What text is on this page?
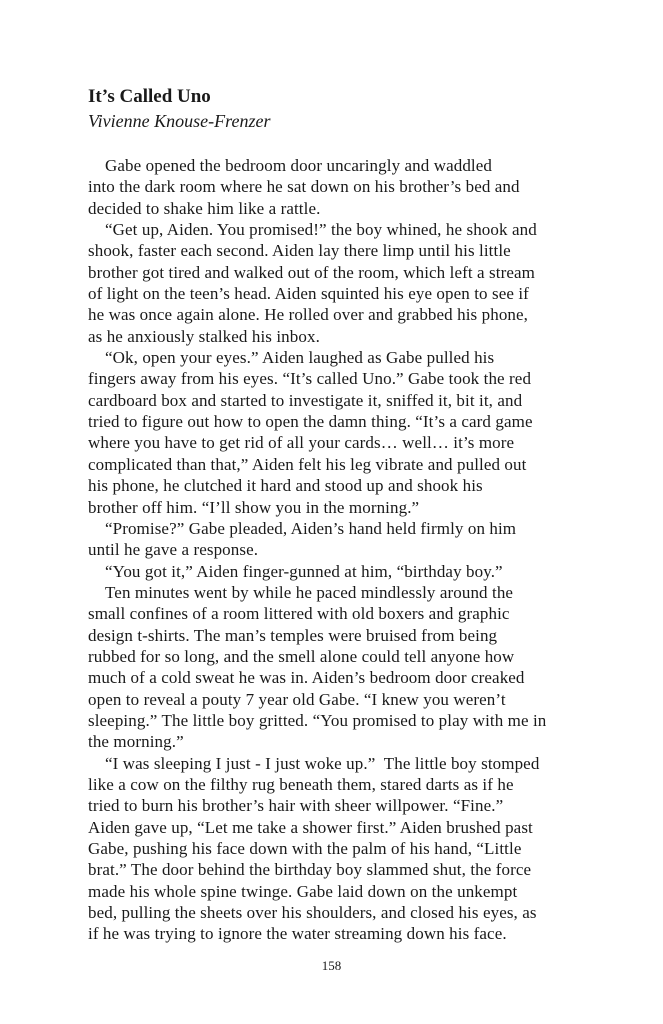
It’s Called Uno
Vivienne Knouse-Frenzer
Gabe opened the bedroom door uncaringly and waddled
into the dark room where he sat down on his brother’s bed and
decided to shake him like a rattle.
“Get up, Aiden. You promised!” the boy whined, he shook and
shook, faster each second. Aiden lay there limp until his little
brother got tired and walked out of the room, which left a stream
of light on the teen’s head. Aiden squinted his eye open to see if
he was once again alone. He rolled over and grabbed his phone,
as he anxiously stalked his inbox.
“Ok, open your eyes.” Aiden laughed as Gabe pulled his
fingers away from his eyes. “It’s called Uno.” Gabe took the red
cardboard box and started to investigate it, sniffed it, bit it, and
tried to figure out how to open the damn thing. “It’s a card game
where you have to get rid of all your cards… well… it’s more
complicated than that,” Aiden felt his leg vibrate and pulled out
his phone, he clutched it hard and stood up and shook his
brother off him. “I’ll show you in the morning.”
“Promise?” Gabe pleaded, Aiden’s hand held firmly on him
until he gave a response.
“You got it,” Aiden finger-gunned at him, “birthday boy.”
Ten minutes went by while he paced mindlessly around the
small confines of a room littered with old boxers and graphic
design t-shirts. The man’s temples were bruised from being
rubbed for so long, and the smell alone could tell anyone how
much of a cold sweat he was in. Aiden’s bedroom door creaked
open to reveal a pouty 7 year old Gabe. “I knew you weren’t
sleeping.” The little boy gritted. “You promised to play with me in
the morning.”
“I was sleeping I just - I just woke up.”  The little boy stomped
like a cow on the filthy rug beneath them, stared darts as if he
tried to burn his brother’s hair with sheer willpower. “Fine.”
Aiden gave up, “Let me take a shower first.” Aiden brushed past
Gabe, pushing his face down with the palm of his hand, “Little
brat.” The door behind the birthday boy slammed shut, the force
made his whole spine twinge. Gabe laid down on the unkempt
bed, pulling the sheets over his shoulders, and closed his eyes, as
if he was trying to ignore the water streaming down his face.
158
